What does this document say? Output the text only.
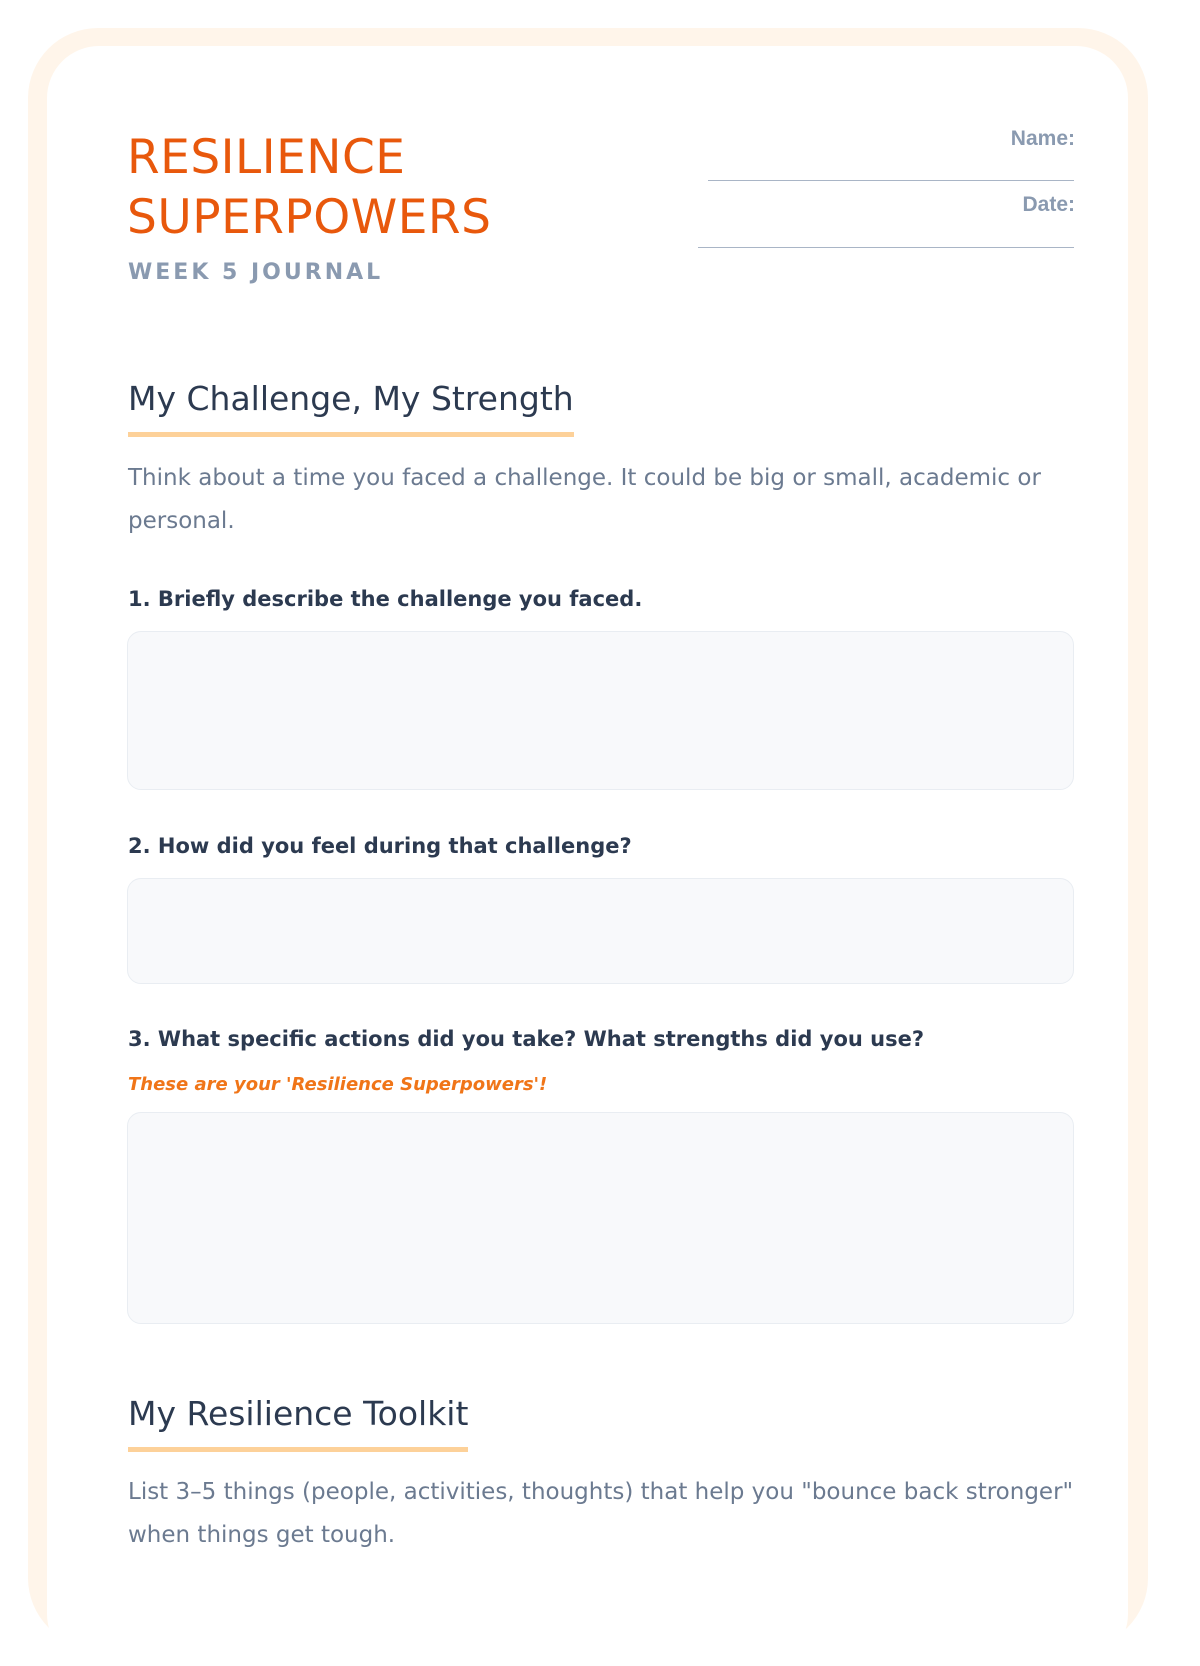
RESILIENCE
SUPERPOWERS
WEEK 5 JOURNAL
Name:
Date:
My Challenge, My Strength

Think about a time you faced a challenge. It could be big or small, academic or personal.

1. Briefly describe the challenge you faced.

2. How did you feel during that challenge?

3. What specific actions did you take? What strengths did you use?

These are your 'Resilience Superpowers'!

My Resilience Toolkit

List 3–5 things (people, activities, thoughts) that help you "bounce back stronger" when things get tough.
